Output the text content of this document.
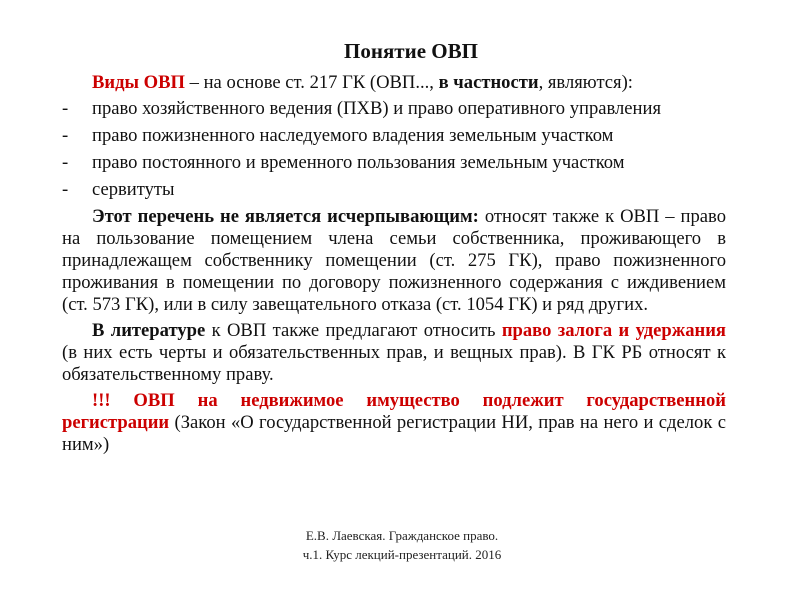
Понятие ОВП

Виды ОВП – на основе ст. 217 ГК (ОВП..., в частности, являются):

- право хозяйственного ведения (ПХВ) и право оперативного управления
- право пожизненного наследуемого владения земельным участком
- право постоянного и временного пользования земельным участком
- сервитуты

Этот перечень не является исчерпывающим: относят также к ОВП – право на пользование помещением члена семьи собственника, проживающего в принадлежащем собственнику помещении (ст. 275 ГК), право пожизненного проживания в помещении по договору пожизненного содержания с иждивением (ст. 573 ГК), или в силу завещательного отказа (ст. 1054 ГК) и ряд других.

В литературе к ОВП также предлагают относить право залога и удержания (в них есть черты и обязательственных прав, и вещных прав). В ГК РБ относят к обязательственному праву.

!!! ОВП на недвижимое имущество подлежит государственной регистрации (Закон «О государственной регистрации НИ, прав на него и сделок с ним»)

Е.В. Лаевская. Гражданское право.
ч.1. Курс лекций-презентаций. 2016
